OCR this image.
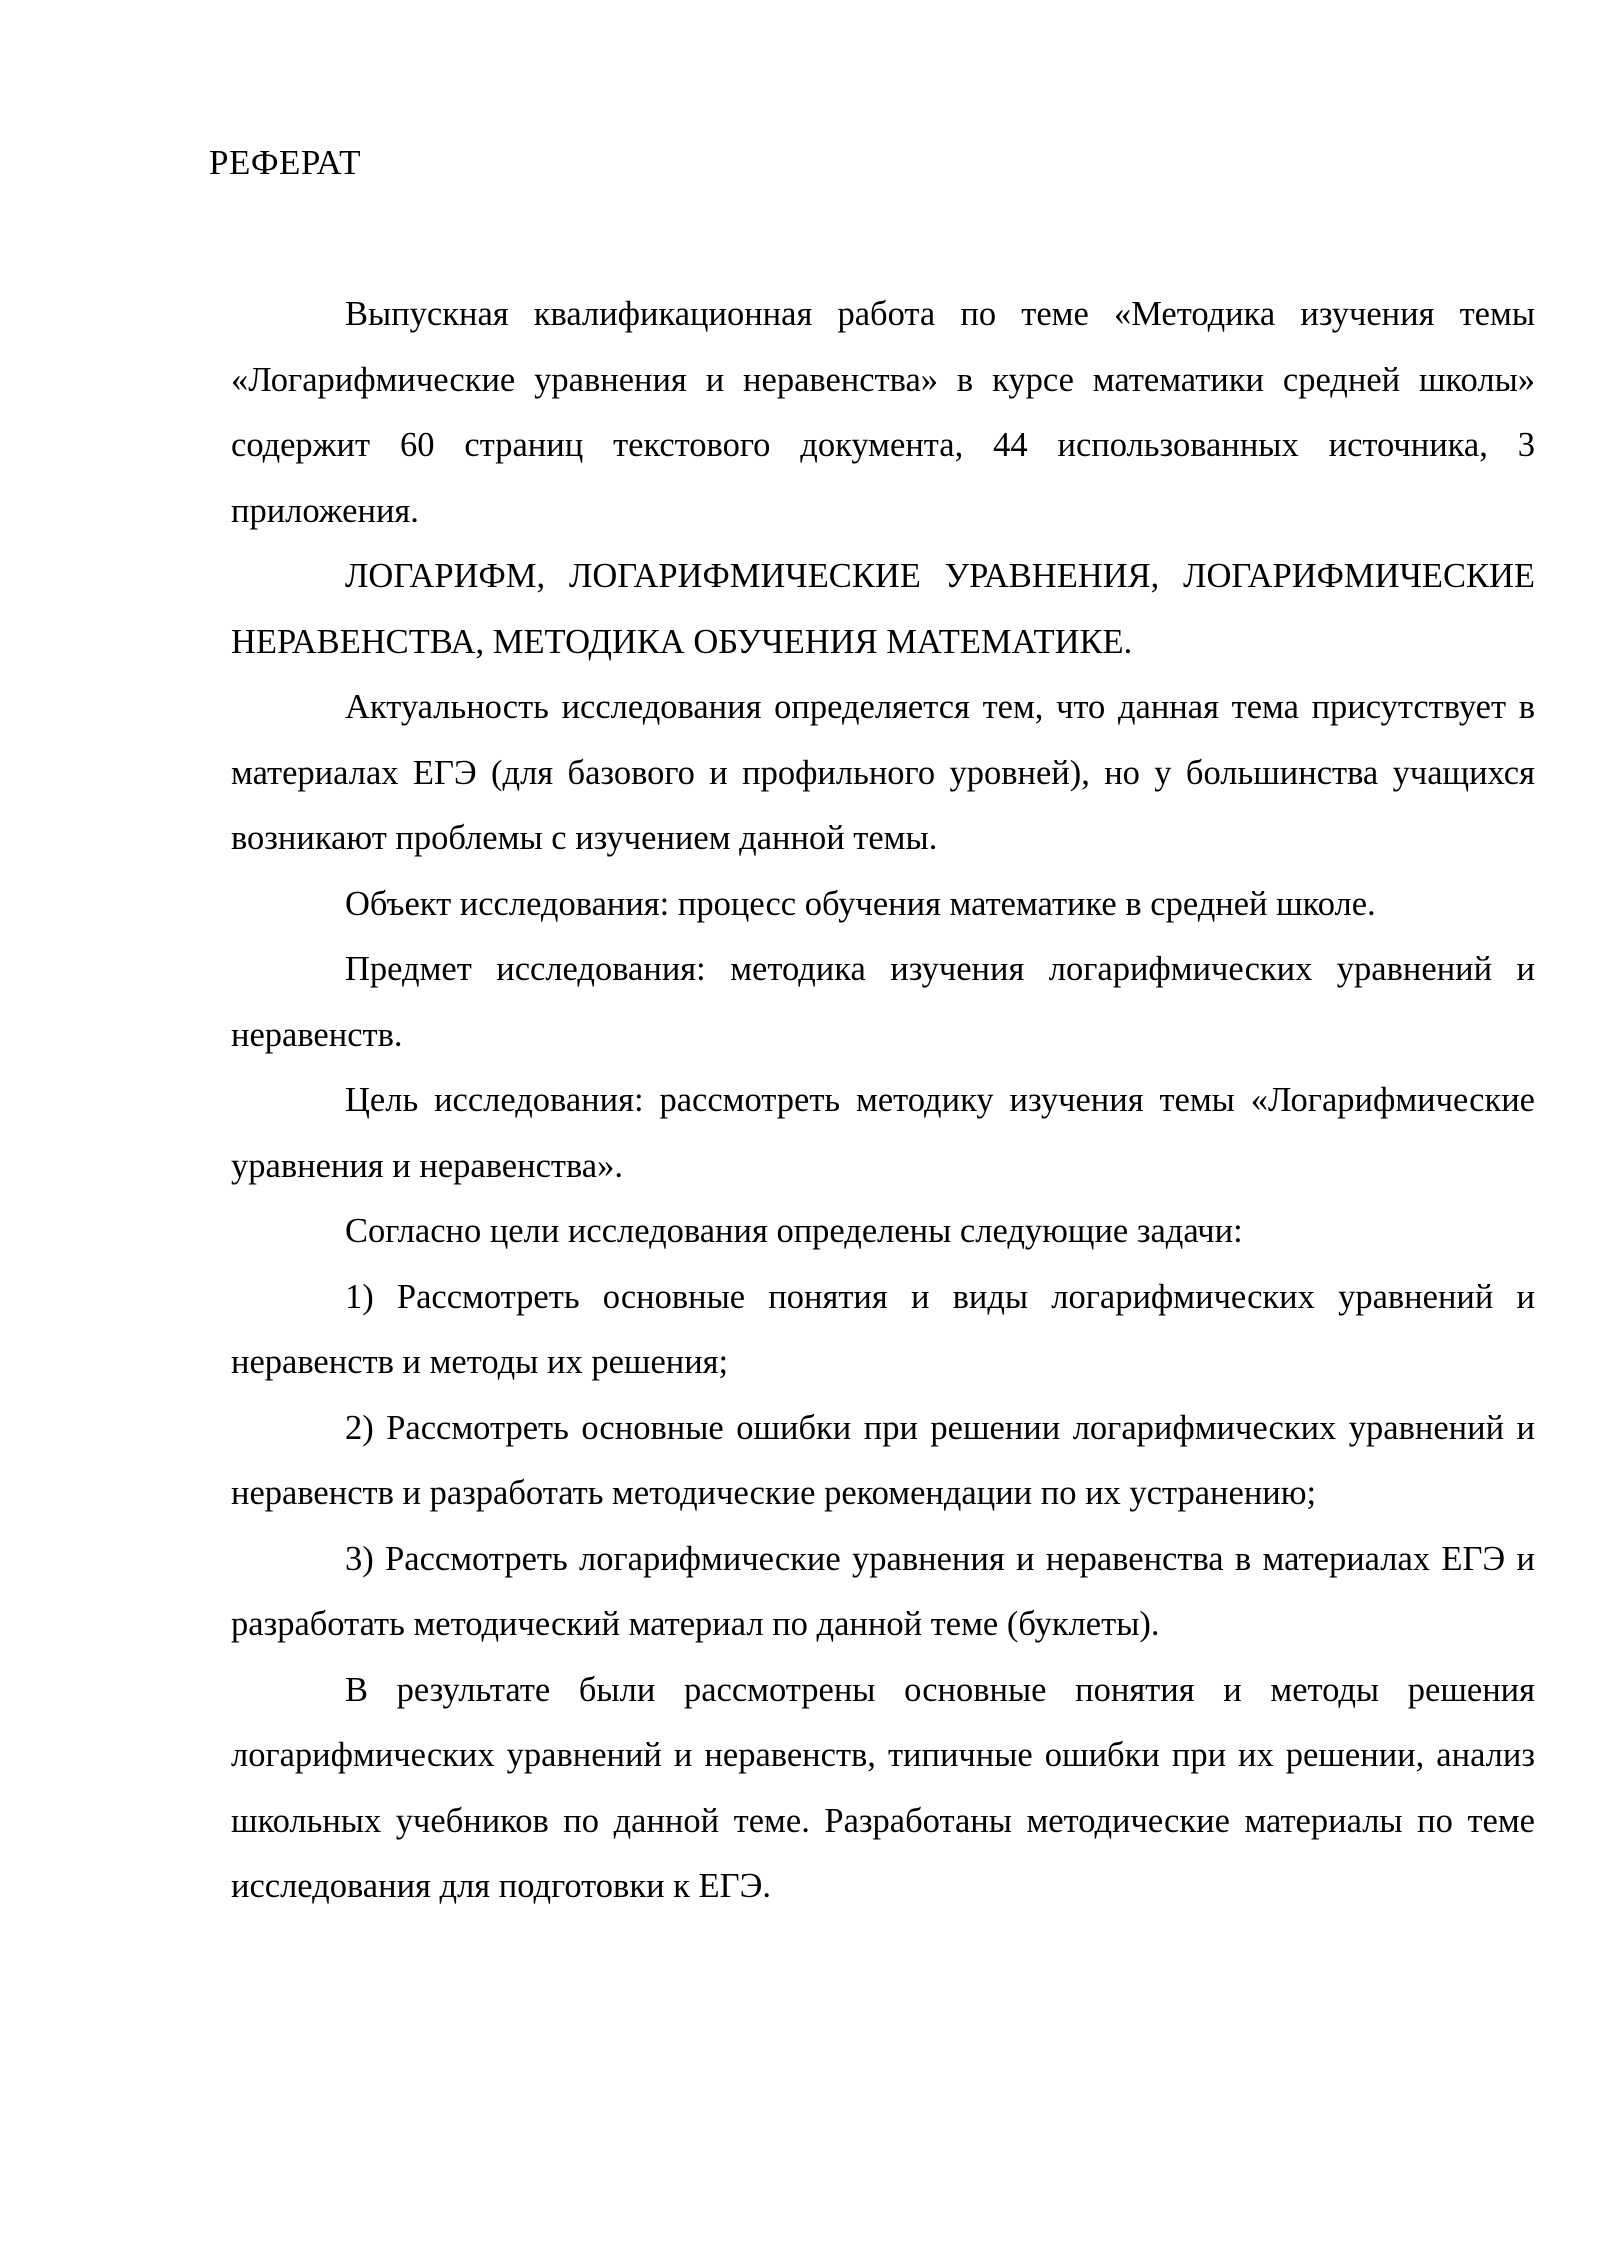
РЕФЕРАТ

Выпускная квалификационная работа по теме «Методика изучения темы «Логарифмические уравнения и неравенства» в курсе математики средней школы» содержит 60 страниц текстового документа, 44 использованных источника, 3 приложения.

ЛОГАРИФМ, ЛОГАРИФМИЧЕСКИЕ УРАВНЕНИЯ, ЛОГАРИФМИЧЕСКИЕ НЕРАВЕНСТВА, МЕТОДИКА ОБУЧЕНИЯ МАТЕМАТИКЕ.

Актуальность исследования определяется тем, что данная тема присутствует в материалах ЕГЭ (для базового и профильного уровней), но у большинства учащихся возникают проблемы с изучением данной темы.

Объект исследования: процесс обучения математике в средней школе.

Предмет исследования: методика изучения логарифмических уравнений и неравенств.

Цель исследования: рассмотреть методику изучения темы «Логарифмические уравнения и неравенства».

Согласно цели исследования определены следующие задачи:

1) Рассмотреть основные понятия и виды логарифмических уравнений и неравенств и методы их решения;

2) Рассмотреть основные ошибки при решении логарифмических уравнений и неравенств и разработать методические рекомендации по их устранению;

3) Рассмотреть логарифмические уравнения и неравенства в материалах ЕГЭ и разработать методический материал по данной теме (буклеты).

В результате были рассмотрены основные понятия и методы решения логарифмических уравнений и неравенств, типичные ошибки при их решении, анализ школьных учебников по данной теме. Разработаны методические материалы по теме исследования для подготовки к ЕГЭ.
